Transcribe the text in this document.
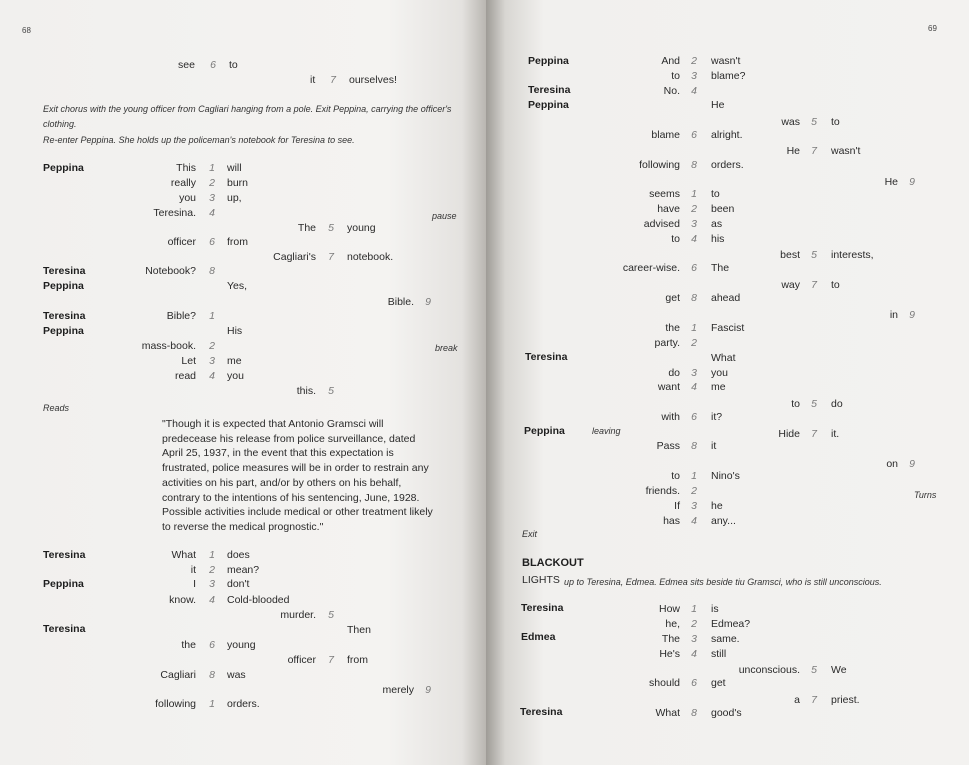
68
see 6 to
it 7 ourselves!
Exit chorus with the young officer from Cagliari hanging from a pole. Exit Peppina, carrying the officer's
clothing.
Re-enter Peppina. She holds up the policeman's notebook for Teresina to see.
Peppina
Teresina
Peppina
Teresina
Peppina
Teresina
Peppina
Teresina
pause
break
Reads
This 1 will
really 2 burn
you 3 up,
Teresina. 4
The 5 young
officer 6 from
Cagliari's 7 notebook.
Notebook? 8
Yes,
Bible. 9
Bible? 1
His
mass-book. 2
Let 3 me
read 4 you
this. 5
"Though it is expected that Antonio Gramsci will predecease his release from police surveillance, dated April 25, 1937, in the event that this expectation is frustrated, police measures will be in order to restrain any activities on his part, and/or by others on his behalf, contrary to the intentions of his sentencing, June, 1928. Possible activities include medical or other treatment likely to reverse the medical prognostic."
What 1 does
it 2 mean?
I 3 don't
know. 4 Cold-blooded
murder. 5
Then
the 6 young
officer 7 from
Cagliari 8 was
merely 9
following 1 orders.
69
Peppina
Teresina
Peppina
Teresina
Peppina
Teresina
Edmea
Teresina
leaving
Turns
Exit
BLACKOUT
LIGHTS up to Teresina, Edmea. Edmea sits beside tiu Gramsci, who is still unconscious.
And 2 wasn't
to 3 blame?
No. 4
He
was 5 to
blame 6 alright.
He 7 wasn't
following 8 orders.
He 9
seems 1 to
have 2 been
advised 3 as
to 4 his
best 5 interests,
career-wise. 6 The
way 7 to
get 8 ahead
in 9
the 1 Fascist
party. 2
What
do 3 you
want 4 me
to 5 do
with 6 it?
Hide 7 it.
Pass 8 it
on 9
to 1 Nino's
friends. 2
If 3 he
has 4 any...
How 1 is
he, 2 Edmea?
The 3 same.
He's 4 still
unconscious. 5 We
should 6 get
a 7 priest.
What 8 good's
